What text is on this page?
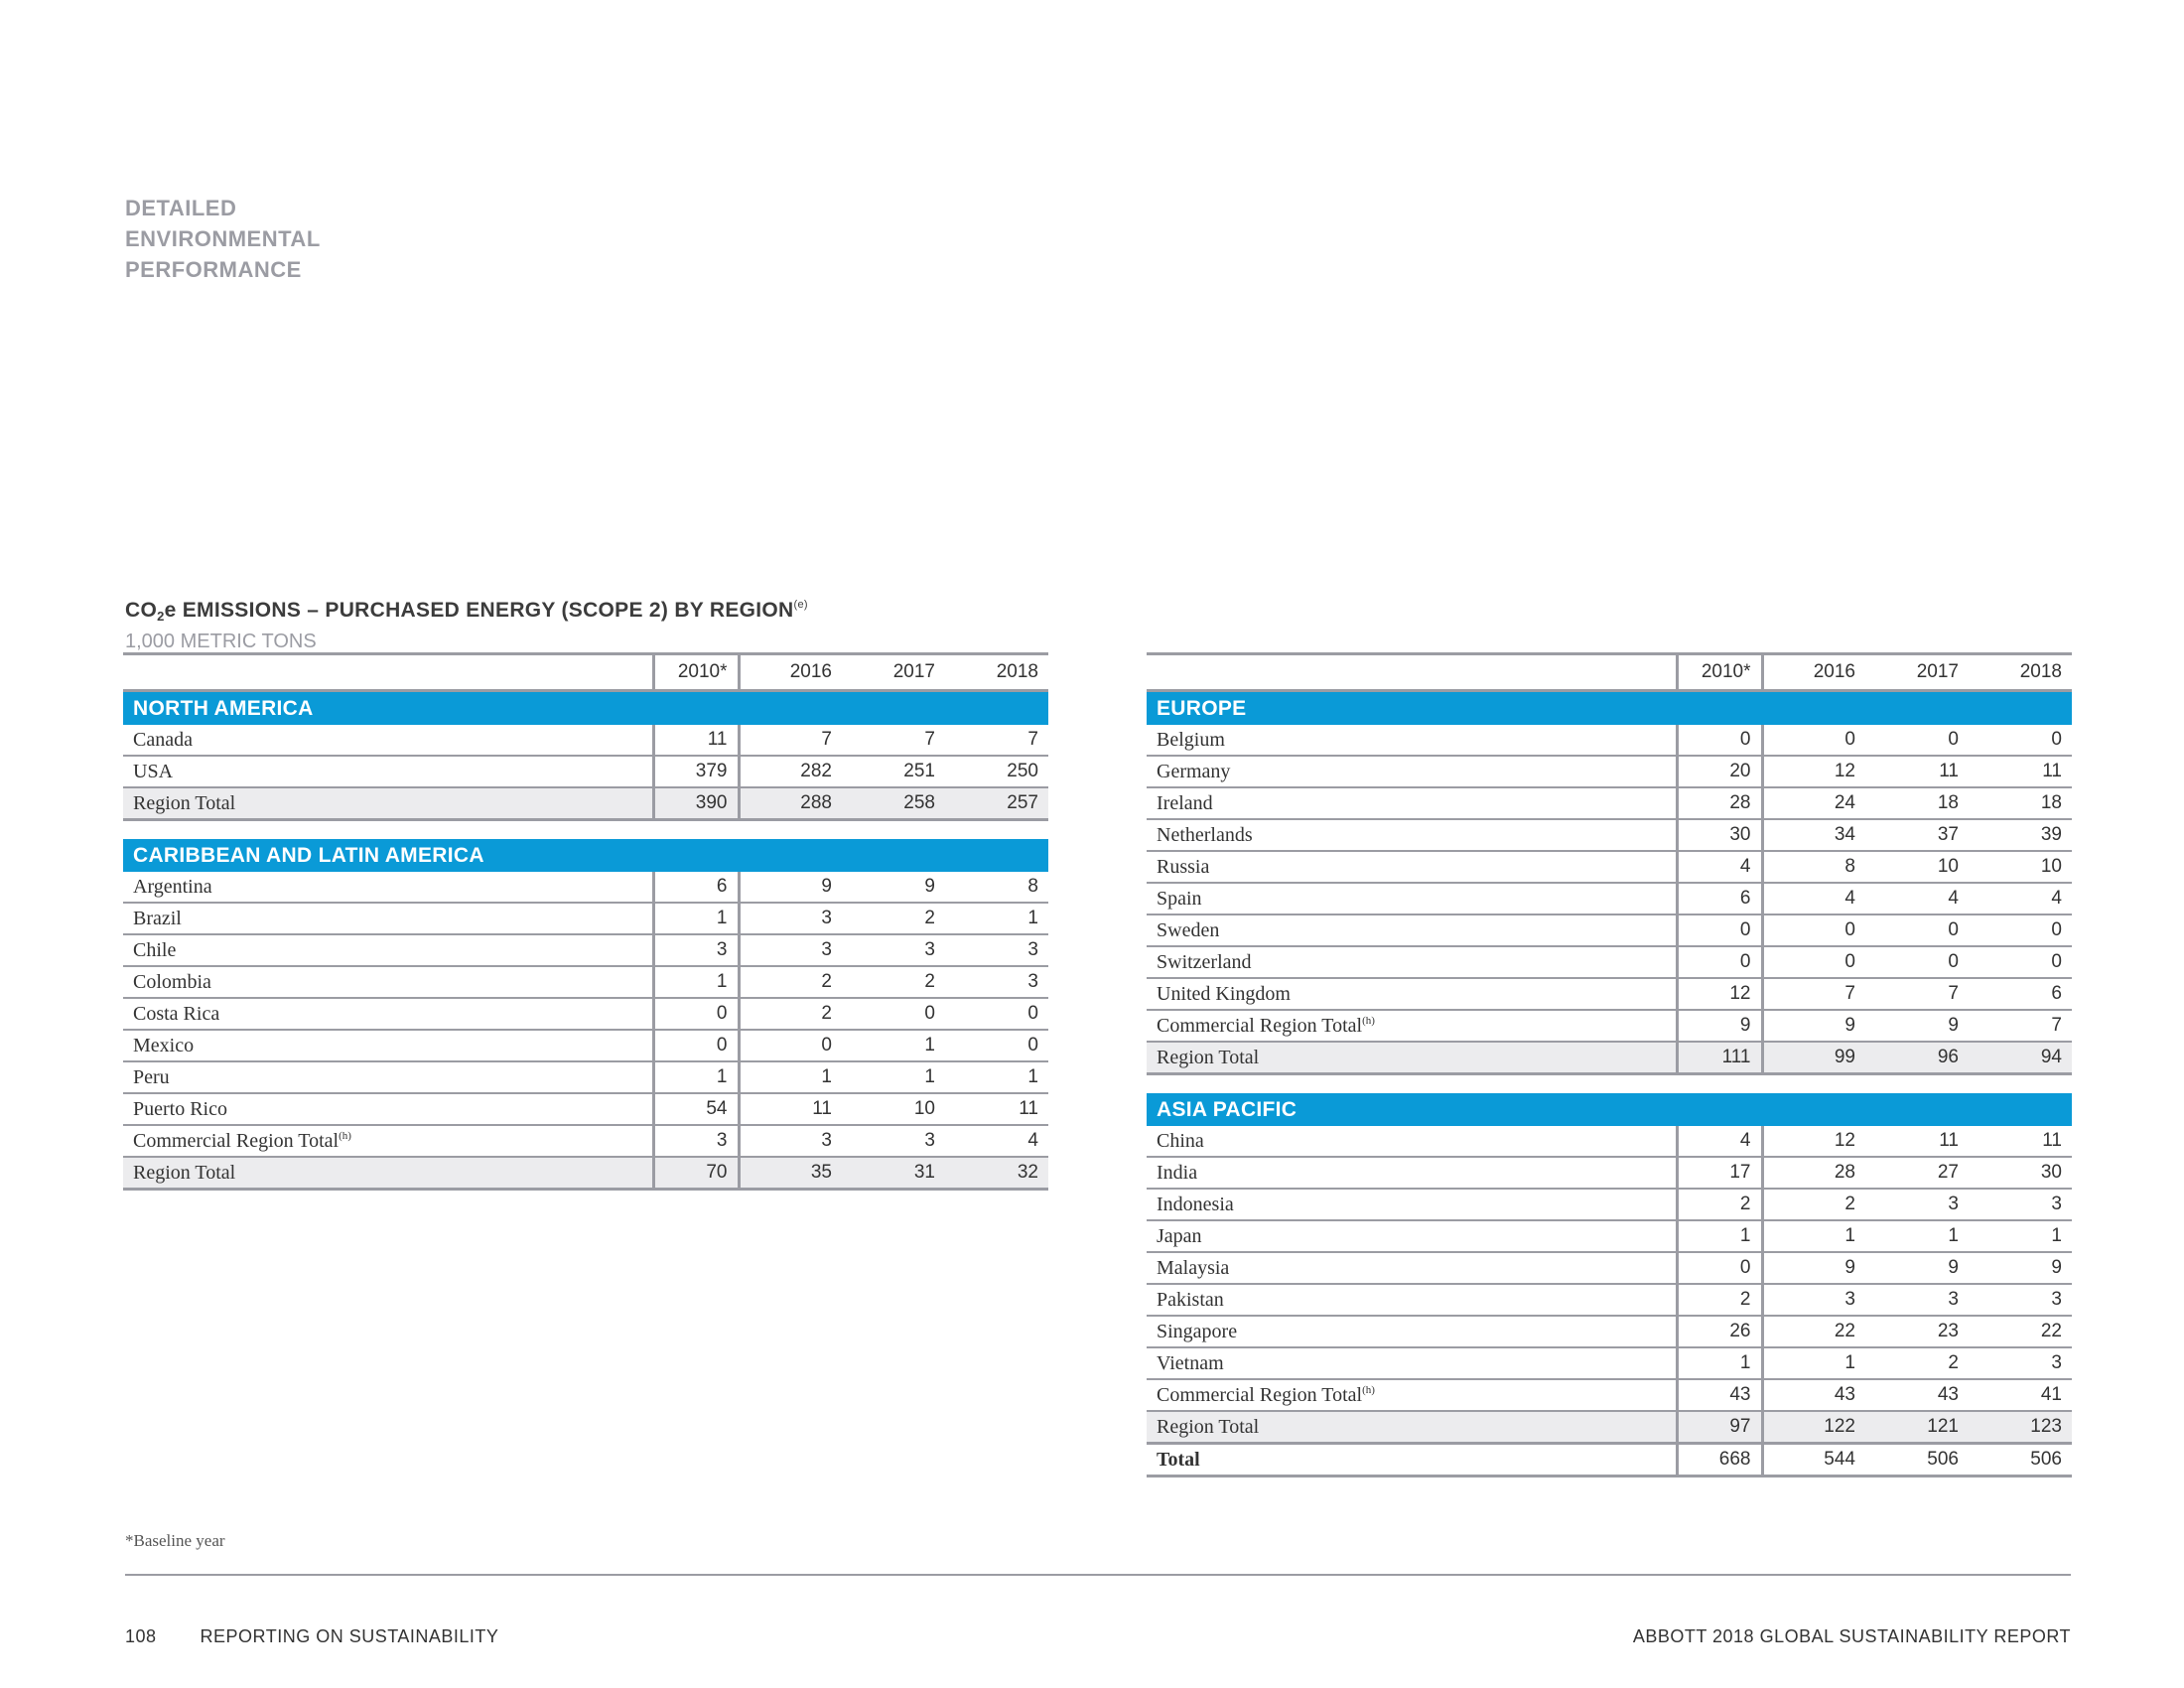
DETAILED
ENVIRONMENTAL
PERFORMANCE
$CO_2e$ EMISSIONS – PURCHASED ENERGY (SCOPE 2) BY REGION$^{(e)}$
1,000 METRIC TONS
	2010*	2016	2017	2018
NORTH AMERICA				
Canada	11	7	7	7
USA	379	282	251	250
Region Total	390	288	258	257

CARIBBEAN AND LATIN AMERICA				
Argentina	6	9	9	8
Brazil	1	3	2	1
Chile	3	3	3	3
Colombia	1	2	2	3
Costa Rica	0	2	0	0
Mexico	0	0	1	0
Peru	1	1	1	1
Puerto Rico	54	11	10	11
Commercial Region Total$^{(h)}$	3	3	3	4
Region Total	70	35	31	32
	2010*	2016	2017	2018
EUROPE				
Belgium	0	0	0	0
Germany	20	12	11	11
Ireland	28	24	18	18
Netherlands	30	34	37	39
Russia	4	8	10	10
Spain	6	4	4	4
Sweden	0	0	0	0
Switzerland	0	0	0	0
United Kingdom	12	7	7	6
Commercial Region Total$^{(h)}$	9	9	9	7
Region Total	111	99	96	94

ASIA PACIFIC				
China	4	12	11	11
India	17	28	27	30
Indonesia	2	2	3	3
Japan	1	1	1	1
Malaysia	0	9	9	9
Pakistan	2	3	3	3
Singapore	26	22	23	22
Vietnam	1	1	2	3
Commercial Region Total$^{(h)}$	43	43	43	41
Region Total	97	122	121	123
Total	668	544	506	506
*Baseline year
108 REPORTING ON SUSTAINABILITY	ABBOTT 2018 GLOBAL SUSTAINABILITY REPORT
